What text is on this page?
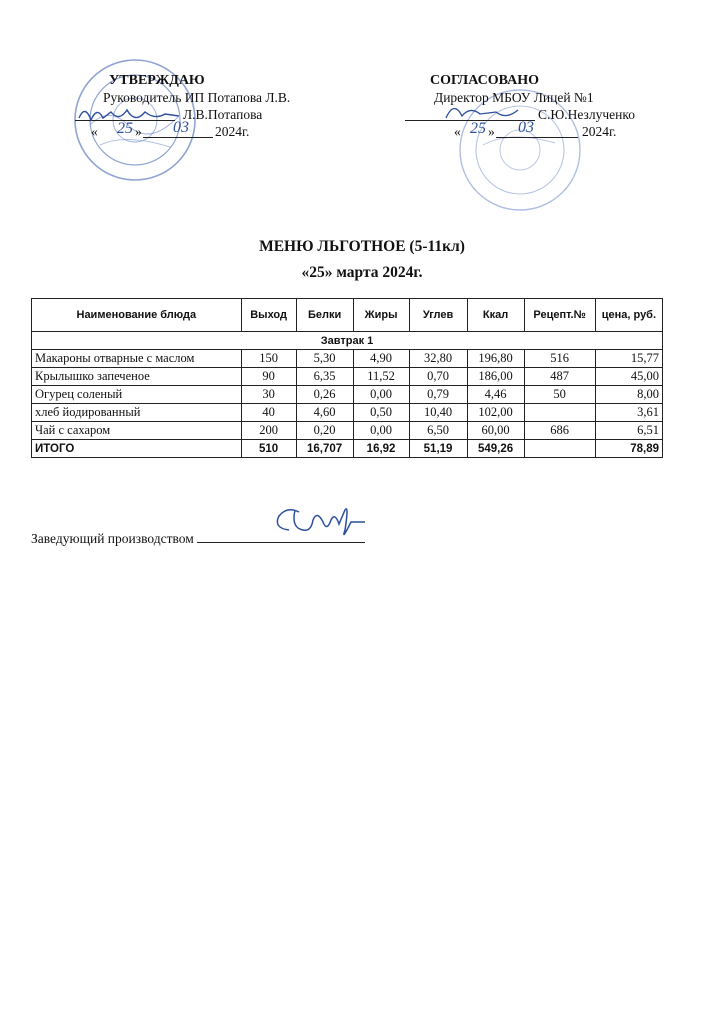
УТВЕРЖДАЮ
Руководитель ИП Потапова Л.В.
Л.В.Потапова
« 25 » 03 2024г.
СОГЛАСОВАНО
Директор МБОУ Лицей №1
С.Ю.Незлученко
« 25 » 03	2024г.
МЕНЮ ЛЬГОТНОЕ (5-11кл)
«25» марта 2024г.
Наименование блюда	Выход	Белки	Жиры	Углев	Ккал	Рецепт.№	цена, руб.
Завтрак 1							
Макароны отварные с маслом	150	5,30	4,90	32,80	196,80	516	15,77
Крылышко запеченое	90	6,35	11,52	0,70	186,00	487	45,00
Огурец соленый	30	0,26	0,00	0,79	4,46	50	8,00
хлеб йодированный	40	4,60	0,50	10,40	102,00		3,61
Чай с сахаром	200	0,20	0,00	6,50	60,00	686	6,51
ИТОГО	510	16,707	16,92	51,19	549,26		78,89
Заведующий производством
